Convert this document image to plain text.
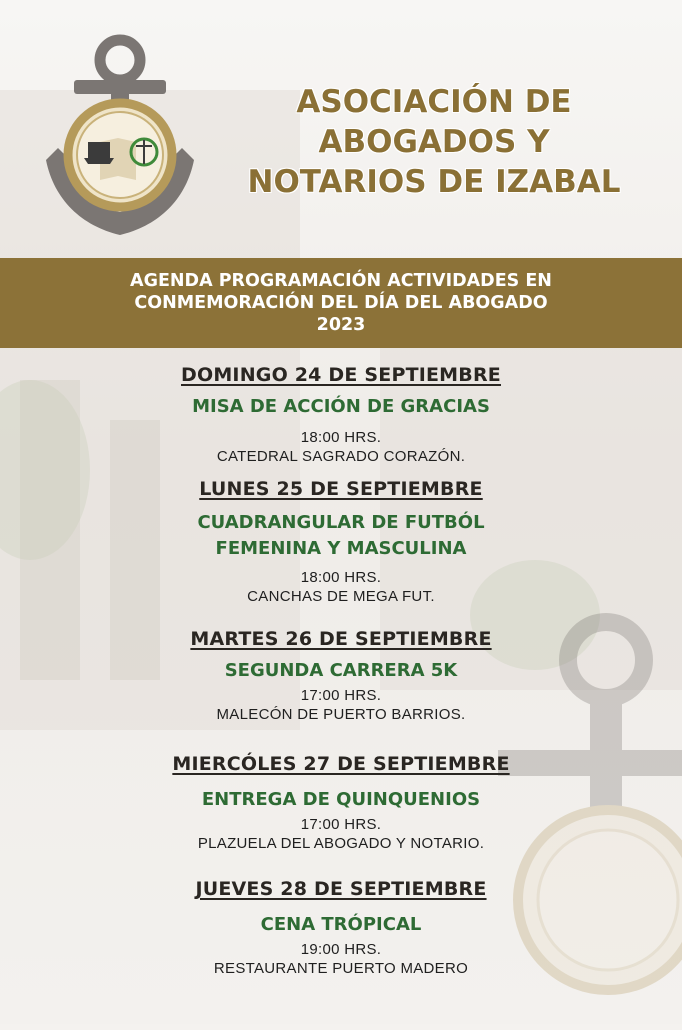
ASOCIACIÓN DE
ABOGADOS Y
NOTARIOS DE IZABAL
AGENDA PROGRAMACIÓN ACTIVIDADES EN
CONMEMORACIÓN DEL DÍA DEL ABOGADO
2023
DOMINGO 24 DE SEPTIEMBRE
MISA DE ACCIÓN DE GRACIAS
18:00 HRS.
CATEDRAL SAGRADO CORAZÓN.
LUNES 25 DE SEPTIEMBRE
CUADRANGULAR DE FUTBÓL
FEMENINA Y MASCULINA
18:00 HRS.
CANCHAS DE MEGA FUT.
MARTES 26 DE SEPTIEMBRE
SEGUNDA CARRERA 5K
17:00 HRS.
MALECÓN DE PUERTO BARRIOS.
MIERCÓLES 27 DE SEPTIEMBRE
ENTREGA DE QUINQUENIOS
17:00 HRS.
PLAZUELA DEL ABOGADO Y NOTARIO.
JUEVES 28 DE SEPTIEMBRE
CENA TRÓPICAL
19:00 HRS.
RESTAURANTE PUERTO MADERO
